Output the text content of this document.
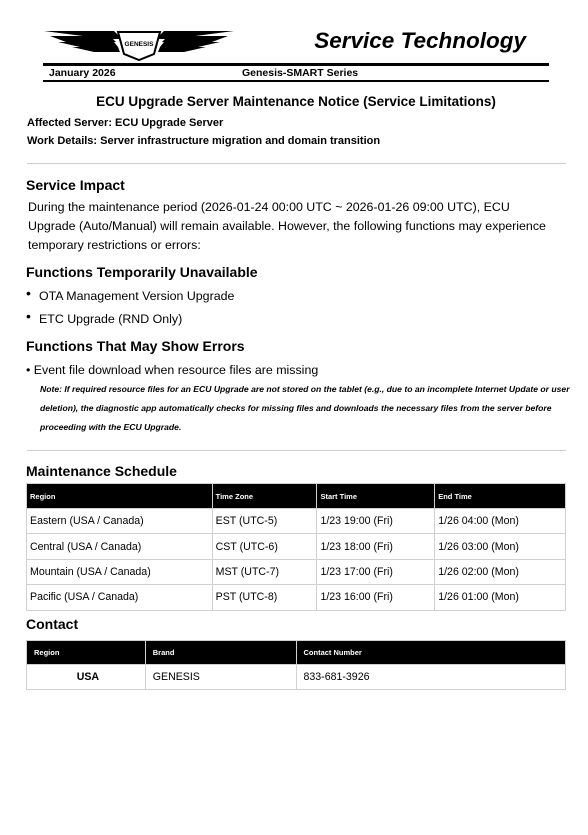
GENESIS	Service Technology
January 2026	Genesis-SMART Series
ECU Upgrade Server Maintenance Notice (Service Limitations)
Affected Server: ECU Upgrade Server
Work Details: Server infrastructure migration and domain transition
Service Impact
During the maintenance period (2026-01-24 00:00 UTC ~ 2026-01-26 09:00 UTC), ECU Upgrade (Auto/Manual) will remain available. However, the following functions may experience temporary restrictions or errors:
Functions Temporarily Unavailable
• OTA Management Version Upgrade
• ETC Upgrade (RND Only)
Functions That May Show Errors
• Event file download when resource files are missing
Note: If required resource files for an ECU Upgrade are not stored on the tablet (e.g., due to an incomplete Internet Update or user deletion), the diagnostic app automatically checks for missing files and downloads the necessary files from the server before proceeding with the ECU Upgrade.
Maintenance Schedule
Region	Time Zone	Start Time	End Time
Eastern (USA / Canada)	EST (UTC-5)	1/23 19:00 (Fri)	1/26 04:00 (Mon)
Central (USA / Canada)	CST (UTC-6)	1/23 18:00 (Fri)	1/26 03:00 (Mon)
Mountain (USA / Canada)	MST (UTC-7)	1/23 17:00 (Fri)	1/26 02:00 (Mon)
Pacific (USA / Canada)	PST (UTC-8)	1/23 16:00 (Fri)	1/26 01:00 (Mon)
Contact
Region	Brand	Contact Number
USA	GENESIS	833-681-3926
